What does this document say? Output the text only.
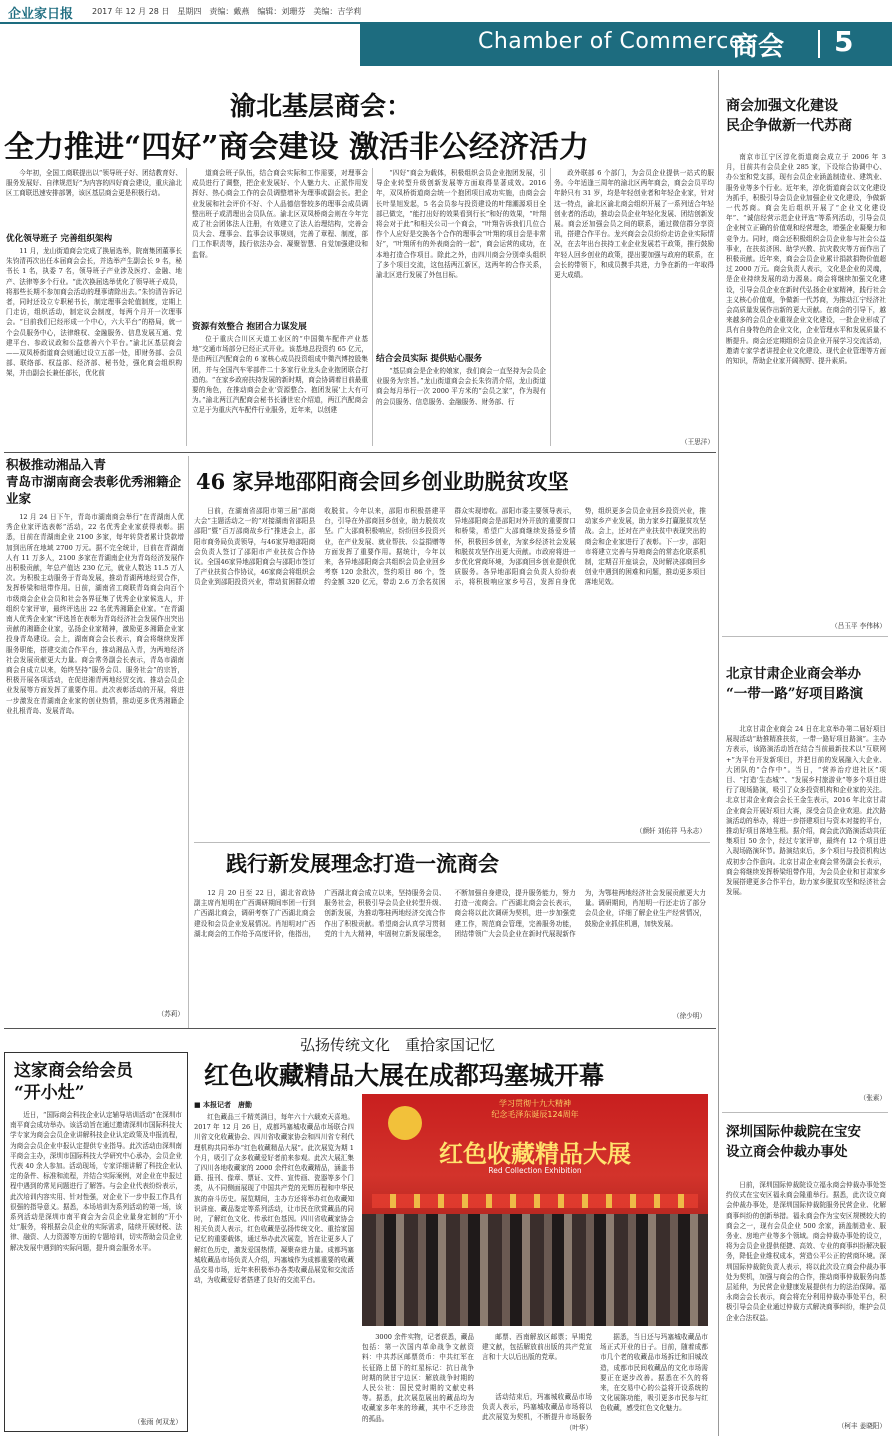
企业家日报 2017 年 12 月 28 日　星期四　责编：戴燕　编辑：刘珊芬　美编：吉学莉
Chamber of Commerce
商会 5
渝北基层商会：
全力推进“四好”商会建设 激活非公经济活力

今年初，全国工商联提出以“领导班子好、团结教育好、服务发展好、自律规范好”为内容的四好商会建设，重庆渝北区工商联迅速安排部署，该区基层商会更是积极行动。

优化领导班子 完善组织架构

11 月，龙山街道商会完成了换届选举，院南集团董事长朱钧清再次出任本届商会会长，并选举产生副会长 9 名，秘书长 1 名，执委 7 名，领导班子产业涉及医疗、金融、地产、法律等多个行业。“此次换届选举优化了领导班子成员，将那些长期不参加商会活动的理事请除出去。”朱钧清告诉记者，同时还设立专职秘书长，制定理事会轮值制度，定期上门走访，组织活动，制定议会制度，每两个月开一次理事会。“目前我们已经形成一个中心，六大平台”的格局，就一个会员服务中心，法律维权、金融服务、信息发展互通、党建平台、参政议政和公益慈善六个平台。”渝北区基层商会——双凤桥街道商会则通过设立五部一处，即财务部、会员部、联络部、权益部、经济部、秘书处，强化商会组织构架，并由副会长兼任部长，优化前

道商会班子队伍，结合商会实际和工作需要，对理事会成员进行了调整，把企业发展好、个人魅力大、正派作用发挥好、热心商会工作的会员调整增补为理事或副会长。把企业发展和社会评价不好、个人品德信誉较多的理事会成员调整出班子或清理出会员队伍。渝北区双凤桥商会则在今年完成了社会团体法人注册，有效建立了法人治理结构，完善会员大会、理事会、监事会议事规则，完善了章程、制度，部门工作职责等，践行依法办会、凝聚智慧、自觉加强建设和监督。

资源有效整合 抱团合力谋发展

位于重庆合川区天道工业区的“中国微车配件产业基地”交通市场部分已经正式开业。该基地总投资约 65 亿元，是由两江汽配商会的 6 家核心成员投资组成中微汽博控股集团，并与全国汽车零部件二十多家行业龙头企业抱团联合打造的。“在家乡政府扶持发展的新时期，商会协调着目前最重要的角色，在推动商会企业‘资源整合、抱团发展’上大有可为。”渝北两江汽配商会秘书长潘世宏介绍道，两江汽配商会立足于为重庆汽车配件行业服务，近年来，以创建

“四好”商会为载体，积极组织会员企业抱团发展，引导企业转型升级创新发展等方面取得显著成效。2016 年，双凤桥街道商会统一个抱团项目成功实施，由商会会长叶显旭发起，5 名会员参与投资建设的叶翔潮源项目全部已做完，“能打出好的效果看到行长”和好的效果，“叶翔将会对于此”和相关公司一个商会，“叶翔告诉我们几位合作个人应好是交换各个合作的理事会“叶翔的项目会是非常好”，“叶翔所有的外表商会的一起”，商会运营的成功，在本地打造合作项目。除此之外，由四川商会分别牵头组织了多个项目交流，这包括两江新区，这两年的合作关系，渝北区进行发展了外包目标。

结合会员实际 提供贴心服务

“基层商会是企业的娘家，我们商会一直坚持为会员企业服务为宗旨。”龙山街道商会会长朱钧清介绍，龙山街道商会每月举行一次 2000 平方米的“会员之家”，作为现有的会员服务、信息服务、金融服务、财务部、行

政外联部 6 个部门，为会员企业提供一站式的服务。今年适逢三周年的渝北区两年商会，商会会员平均年龄只有 31 岁，均是年轻创业者和年轻企业家，针对这一特点，渝北区渝北商会组织开展了一系列适合年轻创业者的活动，推动会员企业年轻化发展、团结创新发展。商会还加强会员之间的联系，通过微信群分享资讯，搭建合作平台。龙兴商会会员纷纷走访企业实际情况，在去年出台扶持工业企业发展若干政策，推行鼓励年轻人回乡创业的政策，提出要加强与政府的联系，在会长的带领下，和成员携手共进，力争在新的一年取得更大成绩。

（王思洋）
积极推动湘品入青
青岛市湖南商会表彰优秀湘籍企业家

12 月 24 日下午，青岛市湖南商会举行“在青湖南人优秀企业家评选表彰”活动，22 名优秀企业家获得表彰。据悉，目前在青湖南企业 2100 多家，每年转贷者累计贷款增加到出所在地域 2700 万元。据不完全统计，目前在青湖南人有 11 万多人，2100 多家在青湖南企业为青岛经济发展作出积极贡献，年总产值达 230 亿元，就业人数达 11.5 万人次。为积极主动服务于青岛发展，推动青湖两地经贸合作，发挥桥梁和纽带作用。日前，湖南省工商联青岛商会向百个市级商会企业会员和社会各界征集了优秀企业家候选人，并组织专家评审，最终评选出 22 名优秀湘籍企业家。“在青湖南人优秀企业家”评选旨在表彰为青岛经济社会发展作出突出贡献的湘籍企业家，弘扬企业家精神，激励更多湘籍企业家投身青岛建设。会上，湖南商会会长表示，商会将继续发挥服务职能，搭建交流合作平台，推动湘品入青，为两地经济社会发展贡献更大力量。商会常务副会长表示，青岛市湖南商会自成立以来，始终坚持“服务会员、服务社会”的宗旨，积极开展各项活动，在促进湘青两地经贸交流、推动会员企业发展等方面发挥了重要作用。此次表彰活动的开展，将进一步激发在青湖南企业家的创业热情，推动更多优秀湘籍企业扎根青岛、发展青岛。

（苏莉）
46 家异地邵阳商会回乡创业助脱贫攻坚

日前，在湖南省邵阳市第三届“邵商大会”主题活动之一的“对接湖南省邵阳县邵阳”暨“百万邵商故乡行”推进会上，邵阳市商务局负责领导，与46家异地邵阳商会负责人签订了邵阳市产业扶贫合作协议。全国46家异地邵阳商会与邵阳市签订了产业扶贫合作协议，46家商会将组织会员企业到邵阳投资兴业，带动贫困群众增收脱贫。今年以来，邵阳市积极搭建平台，引导在外邵商回乡创业，助力脱贫攻坚。广大邵商积极响应，纷纷回乡投资兴业，在产业发展、就业帮扶、公益捐赠等方面发挥了重要作用。据统计，今年以来，各异地邵阳商会共组织会员企业回乡考察 120 余批次，签约项目 86 个，签约金额 320 亿元，带动 2.6 万余名贫困群众实现增收。邵阳市委主要领导表示，异地邵阳商会是邵阳对外开放的重要窗口和桥梁，希望广大邵商继续发扬爱乡情怀，积极回乡创业，为家乡经济社会发展和脱贫攻坚作出更大贡献。市政府将进一步优化营商环境，为邵商回乡创业提供优质服务。各异地邵阳商会负责人纷纷表示，将积极响应家乡号召，发挥自身优势，组织更多会员企业回乡投资兴业，推动家乡产业发展，助力家乡打赢脱贫攻坚战。会上，还对在产业扶贫中表现突出的商会和企业家进行了表彰。下一步，邵阳市将建立完善与异地商会的常态化联系机制，定期召开座谈会，及时解决邵商回乡创业中遇到的困难和问题，推动更多项目落地见效。

（颜轩 刘佑祥 马永志）
践行新发展理念打造一流商会

12 月 20 日至 22 日，湖北省政协副主席肖旭明在广西调研期间率团一行到广西湖北商会，调研考察了广西湖北商会建设和会员企业发展情况。肖旭明对广西湖北商会的工作给予高度评价，他指出，广西湖北商会成立以来，坚持服务会员、服务社会，积极引导会员企业转型升级、创新发展，为推动鄂桂两地经济交流合作作出了积极贡献。希望商会认真学习贯彻党的十九大精神，牢固树立新发展理念，不断加强自身建设，提升服务能力，努力打造一流商会。广西湖北商会会长表示，商会将以此次调研为契机，进一步加强党建工作，规范商会管理，完善服务功能，团结带领广大会员企业在新时代展现新作为，为鄂桂两地经济社会发展贡献更大力量。调研期间，肖旭明一行还走访了部分会员企业，详细了解企业生产经营情况，鼓励企业抓住机遇，加快发展。

（徐少明）
这家商会给会员
“开小灶”

近日，“国际商会科技企业认定辅导培训活动”在深圳市南平商会成功举办。该活动旨在通过邀请深圳市国际科技大学专家为商会会员企业讲解科技企业认定政策及申报流程，为商会会员企业申报认定提供专业指导。此次活动由深圳南平商会主办，深圳市国际科技大学研究中心承办，会员企业代表 40 余人参加。活动现场，专家详细讲解了科技企业认定的条件、标准和流程，并结合实际案例，对企业在申报过程中遇到的常见问题进行了解答。与会企业代表纷纷表示，此次培训内容实用、针对性强，对企业下一步申报工作具有很强的指导意义。据悉，本场培训为系列活动的第一场，该系列活动是深圳市南平商会为会员企业量身定制的“开小灶”服务，将根据会员企业的实际需求，陆续开展财税、法律、融资、人力资源等方面的专题培训，切实帮助会员企业解决发展中遇到的实际问题，提升商会服务水平。

（张雨 何双龙）
弘扬传统文化　重拾家国记忆
红色收藏精品大展在成都玛塞城开幕
■ 本报记者　唐勤

红色藏品三千精英满目，每年六十六载欢天喜地。2017 年 12 月 26 日，成都玛塞城收藏品市场联合四川省文化收藏协会、四川省收藏家协会和四川省专利代理机构共同举办“红色收藏精品大展”。此次展览为期 1 个月，吸引了众多收藏爱好者前来参观。此次大展汇集了四川各地收藏家的 2000 余件红色收藏精品，涵盖书籍、报刊、像章、票证、文件、宣传画、瓷器等多个门类，从不同侧面展现了中国共产党的光辉历程和中华民族的奋斗历史。展览期间，主办方还将举办红色收藏知识讲座、藏品鉴定等系列活动，让市民在欣赏藏品的同时，了解红色文化、传承红色基因。四川省收藏家协会相关负责人表示，红色收藏是弘扬传统文化、重拾家国记忆的重要载体，通过举办此次展览，旨在让更多人了解红色历史，激发爱国热情，凝聚奋进力量。成都玛塞城收藏品市场负责人介绍，玛塞城作为成都重要的收藏品交易市场，近年来积极举办各类收藏品展览和交流活动，为收藏爱好者搭建了良好的交流平台。

学习贯彻十九大精神
纪念毛泽东诞辰124周年
红色收藏精品大展
Red Collection Exhibition

3000 余件实物，记者获悉，藏品包括：第一次国内革命战争文献资料：中共苏区邮票货币：中共红军在长征路上留下的红星标记：抗日战争时期的陕甘宁边区：解放战争时期的人民公社：国民党时期的文献史料等。据悉，此次展览展出的藏品均为收藏家多年来的珍藏，其中不乏珍贵的孤品。

邮票、西南解放区邮票；早期党建文献，包括解放前出版的共产党宣言和十大以后出版的党章。

据悉，当日还与玛塞城收藏品市场正式开业的日子。目前，随着成都市几个老的收藏品市场拆迁和旧城改造，成都市民间收藏品的文化市场需要正在逐步改善。据悉在不久的将来，在交易中心的公益将开设系统的文化展陈功能，吸引更多市民参与红色收藏，感受红色文化魅力。

活动结束后，玛塞城收藏品市场负责人表示，玛塞城收藏品市场将以此次展览为契机，不断提升市场服务

（叶华）
商会加强文化建设
民企争做新一代苏商

南京市江宁区淳化街道商会成立于 2006 年 3 月，目前共有会员企业 285 家，下设综合协调中心、办公室和党支部，现有会员企业涵盖制造业、建筑业、服务业等多个行业。近年来，淳化街道商会以文化建设为抓手，积极引导会员企业加强企业文化建设，争做新一代苏商。商会先后组织开展了“企业文化建设年”、“诚信经营示范企业评选”等系列活动，引导会员企业树立正确的价值观和经营理念，增强企业凝聚力和竞争力。同时，商会还积极组织会员企业参与社会公益事业，在扶贫济困、助学兴教、抗灾救灾等方面作出了积极贡献。近年来，商会会员企业累计捐款捐物价值超过 2000 万元。商会负责人表示，文化是企业的灵魂，是企业持续发展的动力源泉。商会将继续加强文化建设，引导会员企业在新时代弘扬企业家精神，践行社会主义核心价值观，争做新一代苏商，为推动江宁经济社会高质量发展作出新的更大贡献。在商会的引导下，越来越多的会员企业重视企业文化建设，一批企业形成了具有自身特色的企业文化，企业管理水平和发展质量不断提升。商会还定期组织会员企业开展学习交流活动，邀请专家学者讲授企业文化建设、现代企业管理等方面的知识，帮助企业家开阔视野、提升素质。

（吕玉平 李伟林）
北京甘肃企业商会举办
“一带一路”好项目路演

北京甘肃企业商会 24 日在北京举办第二届好项目展现活动“助推精准扶贫，一带一路好项目路演”。主办方表示，该路演活动旨在结合当前最新技术以“互联网+”为平台开发新项目，并把目前的发展融入大企业、大团队的“合作中”。当日，“营养治疗进社区”项目、“打造‘生态城’”、“发展乡村旅游业”等多个项目进行了现场路演，吸引了众多投资机构和企业家的关注。北京甘肃企业商会会长王金生表示，2016 年北京甘肃企业商会开展好项目大赛，深受会员企业欢迎。此次路演活动的举办，将进一步搭建项目与资本对接的平台，推动好项目落地生根。据介绍，商会此次路演活动共征集项目 50 余个，经过专家评审，最终有 12 个项目进入现场路演环节。路演结束后，多个项目与投资机构达成初步合作意向。北京甘肃企业商会常务副会长表示，商会将继续发挥桥梁纽带作用，为会员企业和甘肃家乡发展搭建更多合作平台，助力家乡脱贫攻坚和经济社会发展。

（张素）
深圳国际仲裁院在宝安
设立商会仲裁办事处

日前，深圳国际仲裁院设立福永商会仲裁办事处签约仪式在宝安区福永商会隆重举行。据悉，此次设立商会仲裁办事处，是深圳国际仲裁院服务民营企业、化解商事纠纷的创新举措。福永商会作为宝安区规模较大的商会之一，现有会员企业 500 余家，涵盖制造业、服务业、房地产业等多个领域。商会仲裁办事处的设立，将为会员企业提供便捷、高效、专业的商事纠纷解决服务，降低企业维权成本，营造公平公正的营商环境。深圳国际仲裁院负责人表示，将以此次设立商会仲裁办事处为契机，加强与商会的合作，推动商事仲裁服务向基层延伸，为民营企业健康发展提供有力的法治保障。福永商会会长表示，商会将充分利用仲裁办事处平台，积极引导会员企业通过仲裁方式解决商事纠纷，维护会员企业合法权益。

（柯丰 姜晓阳）
